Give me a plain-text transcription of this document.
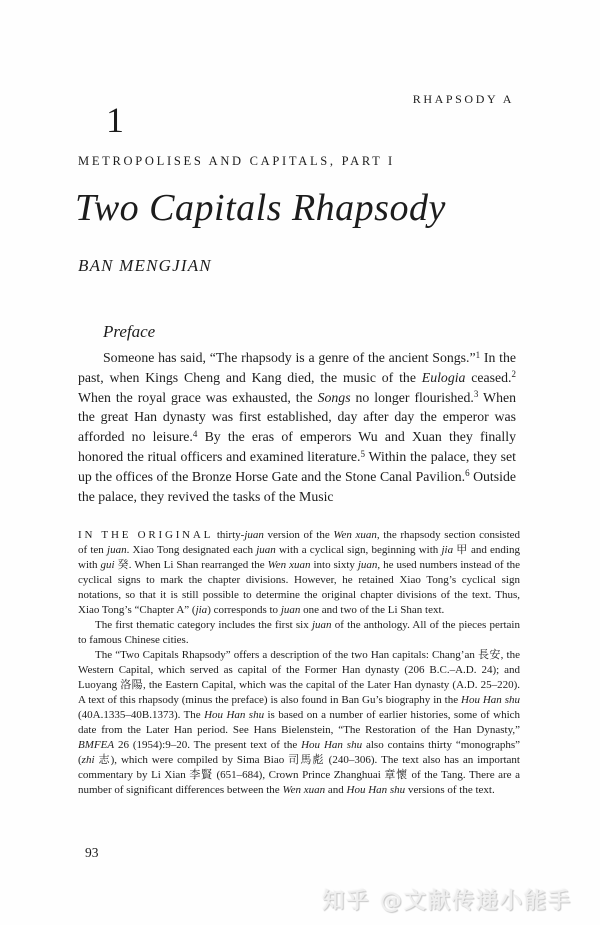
RHAPSODY A
1
METROPOLISES AND CAPITALS, PART I
Two Capitals Rhapsody
BAN MENGJIAN
Preface

Someone has said, “The rhapsody is a genre of the ancient Songs.”$^1$ In the past, when Kings Cheng and Kang died, the music of the Eulogia ceased.$^2$ When the royal grace was exhausted, the Songs no longer flourished.$^3$ When the great Han dynasty was first established, day after day the emperor was afforded no leisure.$^4$ By the eras of emperors Wu and Xuan they finally honored the ritual officers and examined literature.$^5$ Within the palace, they set up the offices of the Bronze Horse Gate and the Stone Canal Pavilion.$^6$ Outside the palace, they revived the tasks of the Music

IN THE ORIGINAL thirty-juan version of the Wen xuan, the rhapsody section consisted of ten juan. Xiao Tong designated each juan with a cyclical sign, beginning with jia 甲 and ending with gui 癸. When Li Shan rearranged the Wen xuan into sixty juan, he used numbers instead of the cyclical signs to mark the chapter divisions. However, he retained Xiao Tong’s cyclical sign notations, so that it is still possible to determine the original chapter divisions of the text. Thus, Xiao Tong’s “Chapter A” (jia) corresponds to juan one and two of the Li Shan text.

The first thematic category includes the first six juan of the anthology. All of the pieces pertain to famous Chinese cities.

The “Two Capitals Rhapsody” offers a description of the two Han capitals: Chang’an 長安, the Western Capital, which served as capital of the Former Han dynasty (206 B.C.–A.D. 24); and Luoyang 洛陽, the Eastern Capital, which was the capital of the Later Han dynasty (A.D. 25–220). A text of this rhapsody (minus the preface) is also found in Ban Gu’s biography in the Hou Han shu (40A.1335–40B.1373). The Hou Han shu is based on a number of earlier histories, some of which date from the Later Han period. See Hans Bielenstein, “The Restoration of the Han Dynasty,” BMFEA 26 (1954):9–20. The present text of the Hou Han shu also contains thirty “monographs” (zhi 志), which were compiled by Sima Biao 司馬彪 (240–306). The text also has an important commentary by Li Xian 李賢 (651–684), Crown Prince Zhanghuai 章懷 of the Tang. There are a number of significant differences between the Wen xuan and Hou Han shu versions of the text.

93
知乎 @文献传递小能手
